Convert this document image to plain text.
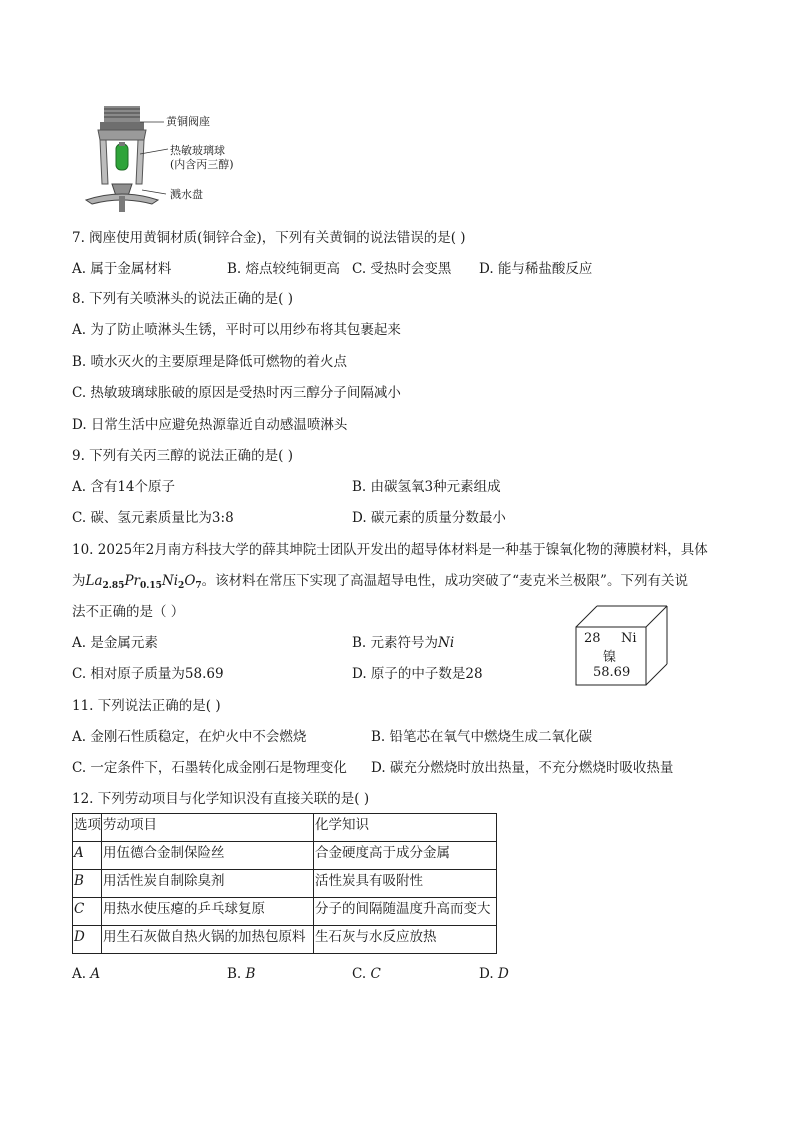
黄铜阀座
热敏玻璃球
(内含丙三醇)
溅水盘
7. 阀座使用黄铜材质(铜锌合金)，下列有关黄铜的说法错误的是( )
A. 属于金属材料	B. 熔点较纯铜更高 C. 受热时会变黑 D. 能与稀盐酸反应
8. 下列有关喷淋头的说法正确的是( )
A. 为了防止喷淋头生锈，平时可以用纱布将其包裹起来
B. 喷水灭火的主要原理是降低可燃物的着火点
C. 热敏玻璃球胀破的原因是受热时丙三醇分子间隔减小
D. 日常生活中应避免热源靠近自动感温喷淋头
9. 下列有关丙三醇的说法正确的是( )
A. 含有14个原子	B. 由碳氢氧3种元素组成
C. 碳、氢元素质量比为3:8	D. 碳元素的质量分数最小
10. 2025年2月南方科技大学的薛其坤院士团队开发出的超导体材料是一种基于镍氧化物的薄膜材料，具体
为$La_{2.85}Pr_{0.15}Ni_2O_7$。该材料在常压下实现了高温超导电性，成功突破了“麦克米兰极限”。下列有关说
法不正确的是（ ）
A. 是金属元素	B. 元素符号为Ni
C. 相对原子质量为58.69	D. 原子的中子数是28
28 Ni
镍
58.69
11. 下列说法正确的是( )
A. 金刚石性质稳定，在炉火中不会燃烧	B. 铅笔芯在氧气中燃烧生成二氧化碳
C. 一定条件下，石墨转化成金刚石是物理变化 D. 碳充分燃烧时放出热量，不充分燃烧时吸收热量
12. 下列劳动项目与化学知识没有直接关联的是( )
选项	劳动项目	化学知识
A	用伍德合金制保险丝	合金硬度高于成分金属
B	用活性炭自制除臭剂	活性炭具有吸附性
C	用热水使压瘪的乒乓球复原	分子的间隔随温度升高而变大
D	用生石灰做自热火锅的加热包原料	生石灰与水反应放热
A. A	B. B	C. C	D. D
